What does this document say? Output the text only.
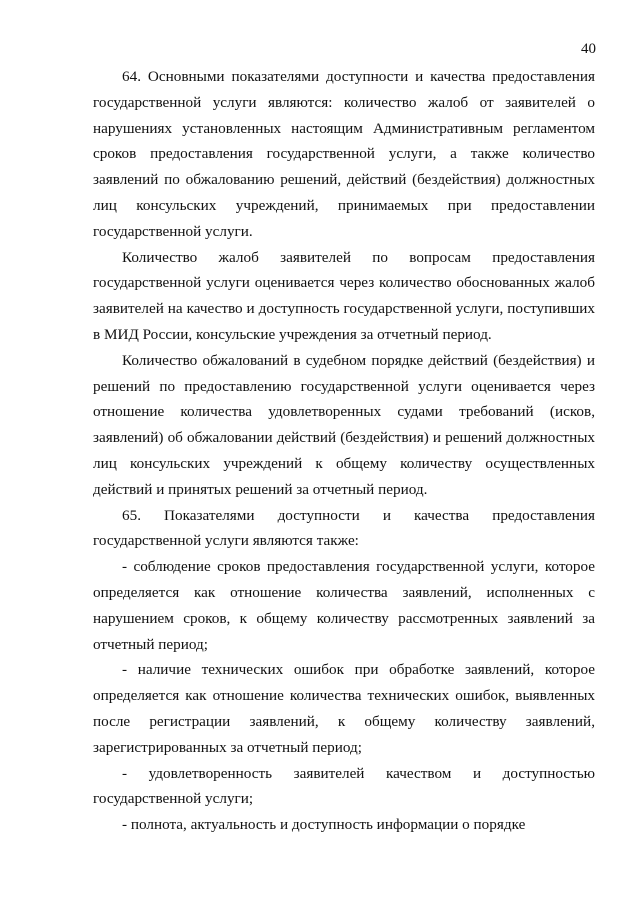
40

64. Основными показателями доступности и качества предоставления государственной услуги являются: количество жалоб от заявителей о нарушениях установленных настоящим Административным регламентом сроков предоставления государственной услуги, а также количество заявлений по обжалованию решений, действий (бездействия) должностных лиц консульских учреждений, принимаемых при предоставлении государственной услуги.

Количество жалоб заявителей по вопросам предоставления государственной услуги оценивается через количество обоснованных жалоб заявителей на качество и доступность государственной услуги, поступивших в МИД России, консульские учреждения за отчетный период.

Количество обжалований в судебном порядке действий (бездействия) и решений по предоставлению государственной услуги оценивается через отношение количества удовлетворенных судами требований (исков, заявлений) об обжаловании действий (бездействия) и решений должностных лиц консульских учреждений к общему количеству осуществленных действий и принятых решений за отчетный период.

65. Показателями доступности и качества предоставления государственной услуги являются также:

- соблюдение сроков предоставления государственной услуги, которое определяется как отношение количества заявлений, исполненных с нарушением сроков, к общему количеству рассмотренных заявлений за отчетный период;

- наличие технических ошибок при обработке заявлений, которое определяется как отношение количества технических ошибок, выявленных после регистрации заявлений, к общему количеству заявлений, зарегистрированных за отчетный период;

- удовлетворенность заявителей качеством и доступностью государственной услуги;

- полнота, актуальность и доступность информации о порядке
